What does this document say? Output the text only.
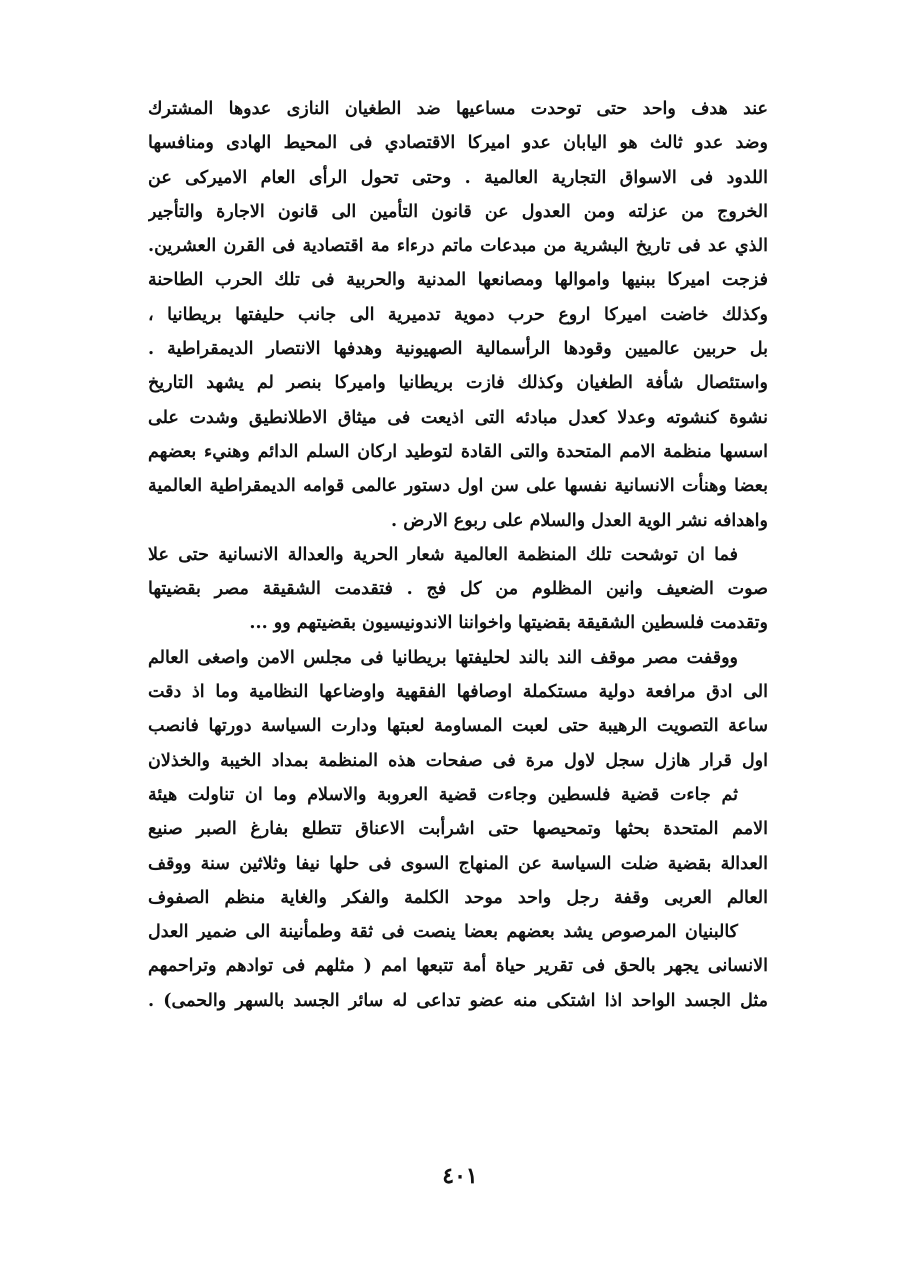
عند هدف واحد حتى توحدت مساعيها ضد الطغيان النازى عدوها المشترك
وضد عدو ثالث هو اليابان عدو اميركا الاقتصادي فى المحيط الهادى ومنافسها
اللدود فى الاسواق التجارية العالمية . وحتى تحول الرأى العام الاميركى عن
الخروج من عزلته ومن العدول عن قانون التأمين الى قانون الاجارة والتأجير
الذي عد فى تاريخ البشرية من مبدعات ماتم درءاء مة اقتصادية فى القرن العشرين.
فزجت اميركا ببنيها واموالها ومصانعها المدنية والحربية فى تلك الحرب الطاحنة
وكذلك خاضت اميركا اروع حرب دموية تدميرية الى جانب حليفتها بريطانيا ،
بل حربين عالميين وقودها الرأسمالية الصهيونية وهدفها الانتصار الديمقراطية .
واستئصال شأفة الطغيان وكذلك فازت بريطانيا واميركا بنصر لم يشهد التاريخ
نشوة كنشوته وعدلا كعدل مبادئه التى اذيعت فى ميثاق الاطلانطيق وشدت على
اسسها منظمة الامم المتحدة والتى القادة لتوطيد اركان السلم الدائم وهنيء بعضهم
بعضا وهنأت الانسانية نفسها على سن اول دستور عالمى قوامه الديمقراطية العالمية
واهدافه نشر الوية العدل والسلام على ربوع الارض .
فما ان توشحت تلك المنظمة العالمية شعار الحرية والعدالة الانسانية حتى علا
صوت الضعيف وانين المظلوم من كل فج . فتقدمت الشقيقة مصر بقضيتها
وتقدمت فلسطين الشقيقة بقضيتها واخواننا الاندونيسيون بقضيتهم وو ...
ووقفت مصر موقف الند بالند لحليفتها بريطانيا فى مجلس الامن واصغى العالم
الى ادق مرافعة دولية مستكملة اوصافها الفقهية واوضاعها النظامية وما اذ دقت
ساعة التصويت الرهيبة حتى لعبت المساومة لعبتها ودارت السياسة دورتها فانصب
اول قرار هازل سجل لاول مرة فى صفحات هذه المنظمة بمداد الخيبة والخذلان
ثم جاءت قضية فلسطين وجاءت قضية العروبة والاسلام وما ان تناولت هيئة
الامم المتحدة بحثها وتمحيصها حتى اشرأبت الاعناق تتطلع بفارغ الصبر صنيع
العدالة بقضية ضلت السياسة عن المنهاج السوى فى حلها نيفا وثلاثين سنة ووقف
العالم العربى وقفة رجل واحد موحد الكلمة والفكر والغاية منظم الصفوف
كالبنيان المرصوص يشد بعضهم بعضا ينصت فى ثقة وطمأنينة الى ضمير العدل
الانسانى يجهر بالحق فى تقرير حياة أمة تتبعها امم ( مثلهم فى توادهم وتراحمهم
مثل الجسد الواحد اذا اشتكى منه عضو تداعى له سائر الجسد بالسهر والحمى) .
٤٠١
